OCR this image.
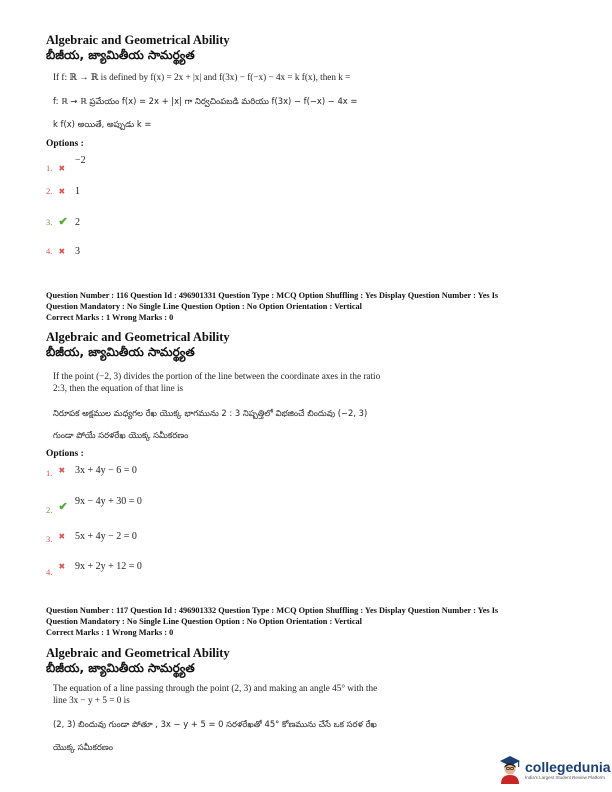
Algebraic and Geometrical Ability
బీజీయ, జ్యామితీయ సామర్థ్యత
If f: ℝ → ℝ is defined by f(x) = 2x + |x| and f(3x) − f(−x) − 4x = k f(x), then k =
f: ℝ → ℝ ప్రమేయం f(x) = 2x + |x| గా నిర్వచింపబడి మరియు f(3x) − f(−x) − 4x =
k f(x) అయితే, అప్పుడు k =
Options :
1. ✖ −2
2. ✖ 1
3. ✔ 2
4. ✖ 3
Question Number : 116 Question Id : 496901331 Question Type : MCQ Option Shuffling : Yes Display Question Number : Yes Is
Question Mandatory : No Single Line Question Option : No Option Orientation : Vertical
Correct Marks : 1 Wrong Marks : 0
Algebraic and Geometrical Ability
బీజీయ, జ్యామితీయ సామర్థ్యత
If the point (−2, 3) divides the portion of the line between the coordinate axes in the ratio
2:3, then the equation of that line is
నిరూపక అక్షముల మధ్యగల రేఖ యొక్క భాగమును 2 : 3 నిష్పత్తిలో విభజించే బిందువు (−2, 3)
గుండా పోయే సరళరేఖ యొక్క సమీకరణం
Options :
1. ✖ 3x + 4y − 6 = 0
2. ✔ 9x − 4y + 30 = 0
3. ✖ 5x + 4y − 2 = 0
4. ✖ 9x + 2y + 12 = 0
Question Number : 117 Question Id : 496901332 Question Type : MCQ Option Shuffling : Yes Display Question Number : Yes Is
Question Mandatory : No Single Line Question Option : No Option Orientation : Vertical
Correct Marks : 1 Wrong Marks : 0
Algebraic and Geometrical Ability
బీజీయ, జ్యామితీయ సామర్థ్యత
The equation of a line passing through the point (2, 3) and making an angle 45° with the
line 3x − y + 5 = 0 is
(2, 3) బిందువు గుండా పోతూ , 3x − y + 5 = 0 సరళరేఖతో 45° కోణమును చేసే ఒక సరళ రేఖ
యొక్క సమీకరణం
collegedunia
India's Largest Student Review Platform
